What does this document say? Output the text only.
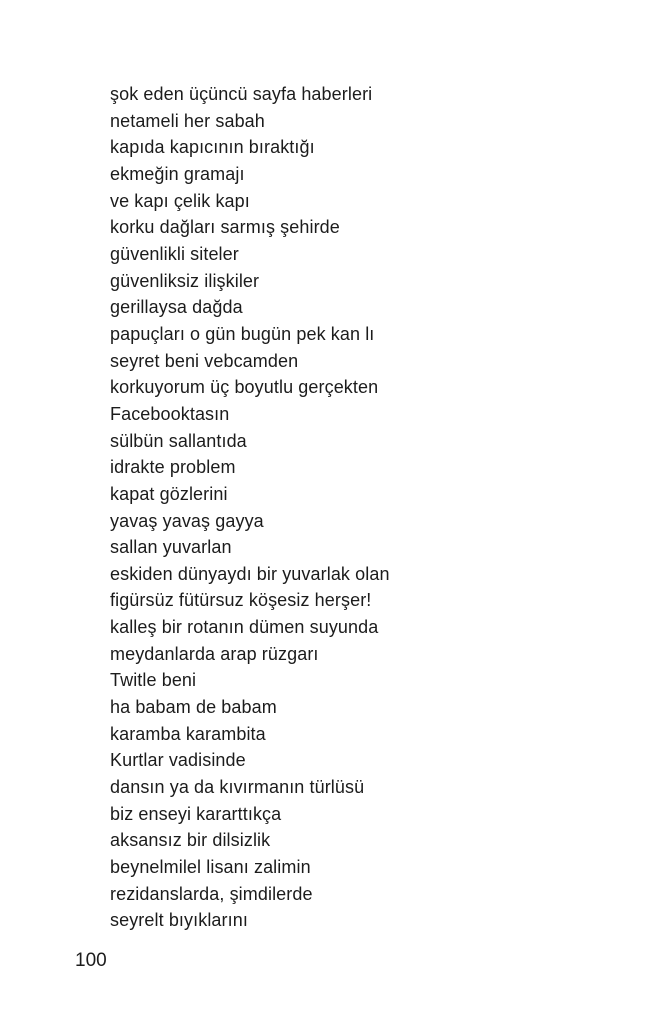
şok eden üçüncü sayfa haberleri
netameli her sabah
kapıda kapıcının bıraktığı
ekmeğin gramajı
ve kapı çelik kapı
korku dağları sarmış şehirde
güvenlikli siteler
güvenliksiz ilişkiler
gerillaysa dağda
papuçları o gün bugün pek kan lı
seyret beni vebcamden
korkuyorum üç boyutlu gerçekten
Facebooktasın
sülbün sallantıda
idrakte problem
kapat gözlerini
yavaş yavaş gayya
sallan yuvarlan
eskiden dünyaydı bir yuvarlak olan
figürsüz fütürsuz köşesiz herşer!
kalleş bir rotanın dümen suyunda
meydanlarda arap rüzgarı
Twitle beni
ha babam de babam
karamba karambita
Kurtlar vadisinde
dansın ya da kıvırmanın türlüsü
biz enseyi kararttıkça
aksansız bir dilsizlik
beynelmilel lisanı zalimin
rezidanslarda, şimdilerde
seyrelt bıyıklarını
100
